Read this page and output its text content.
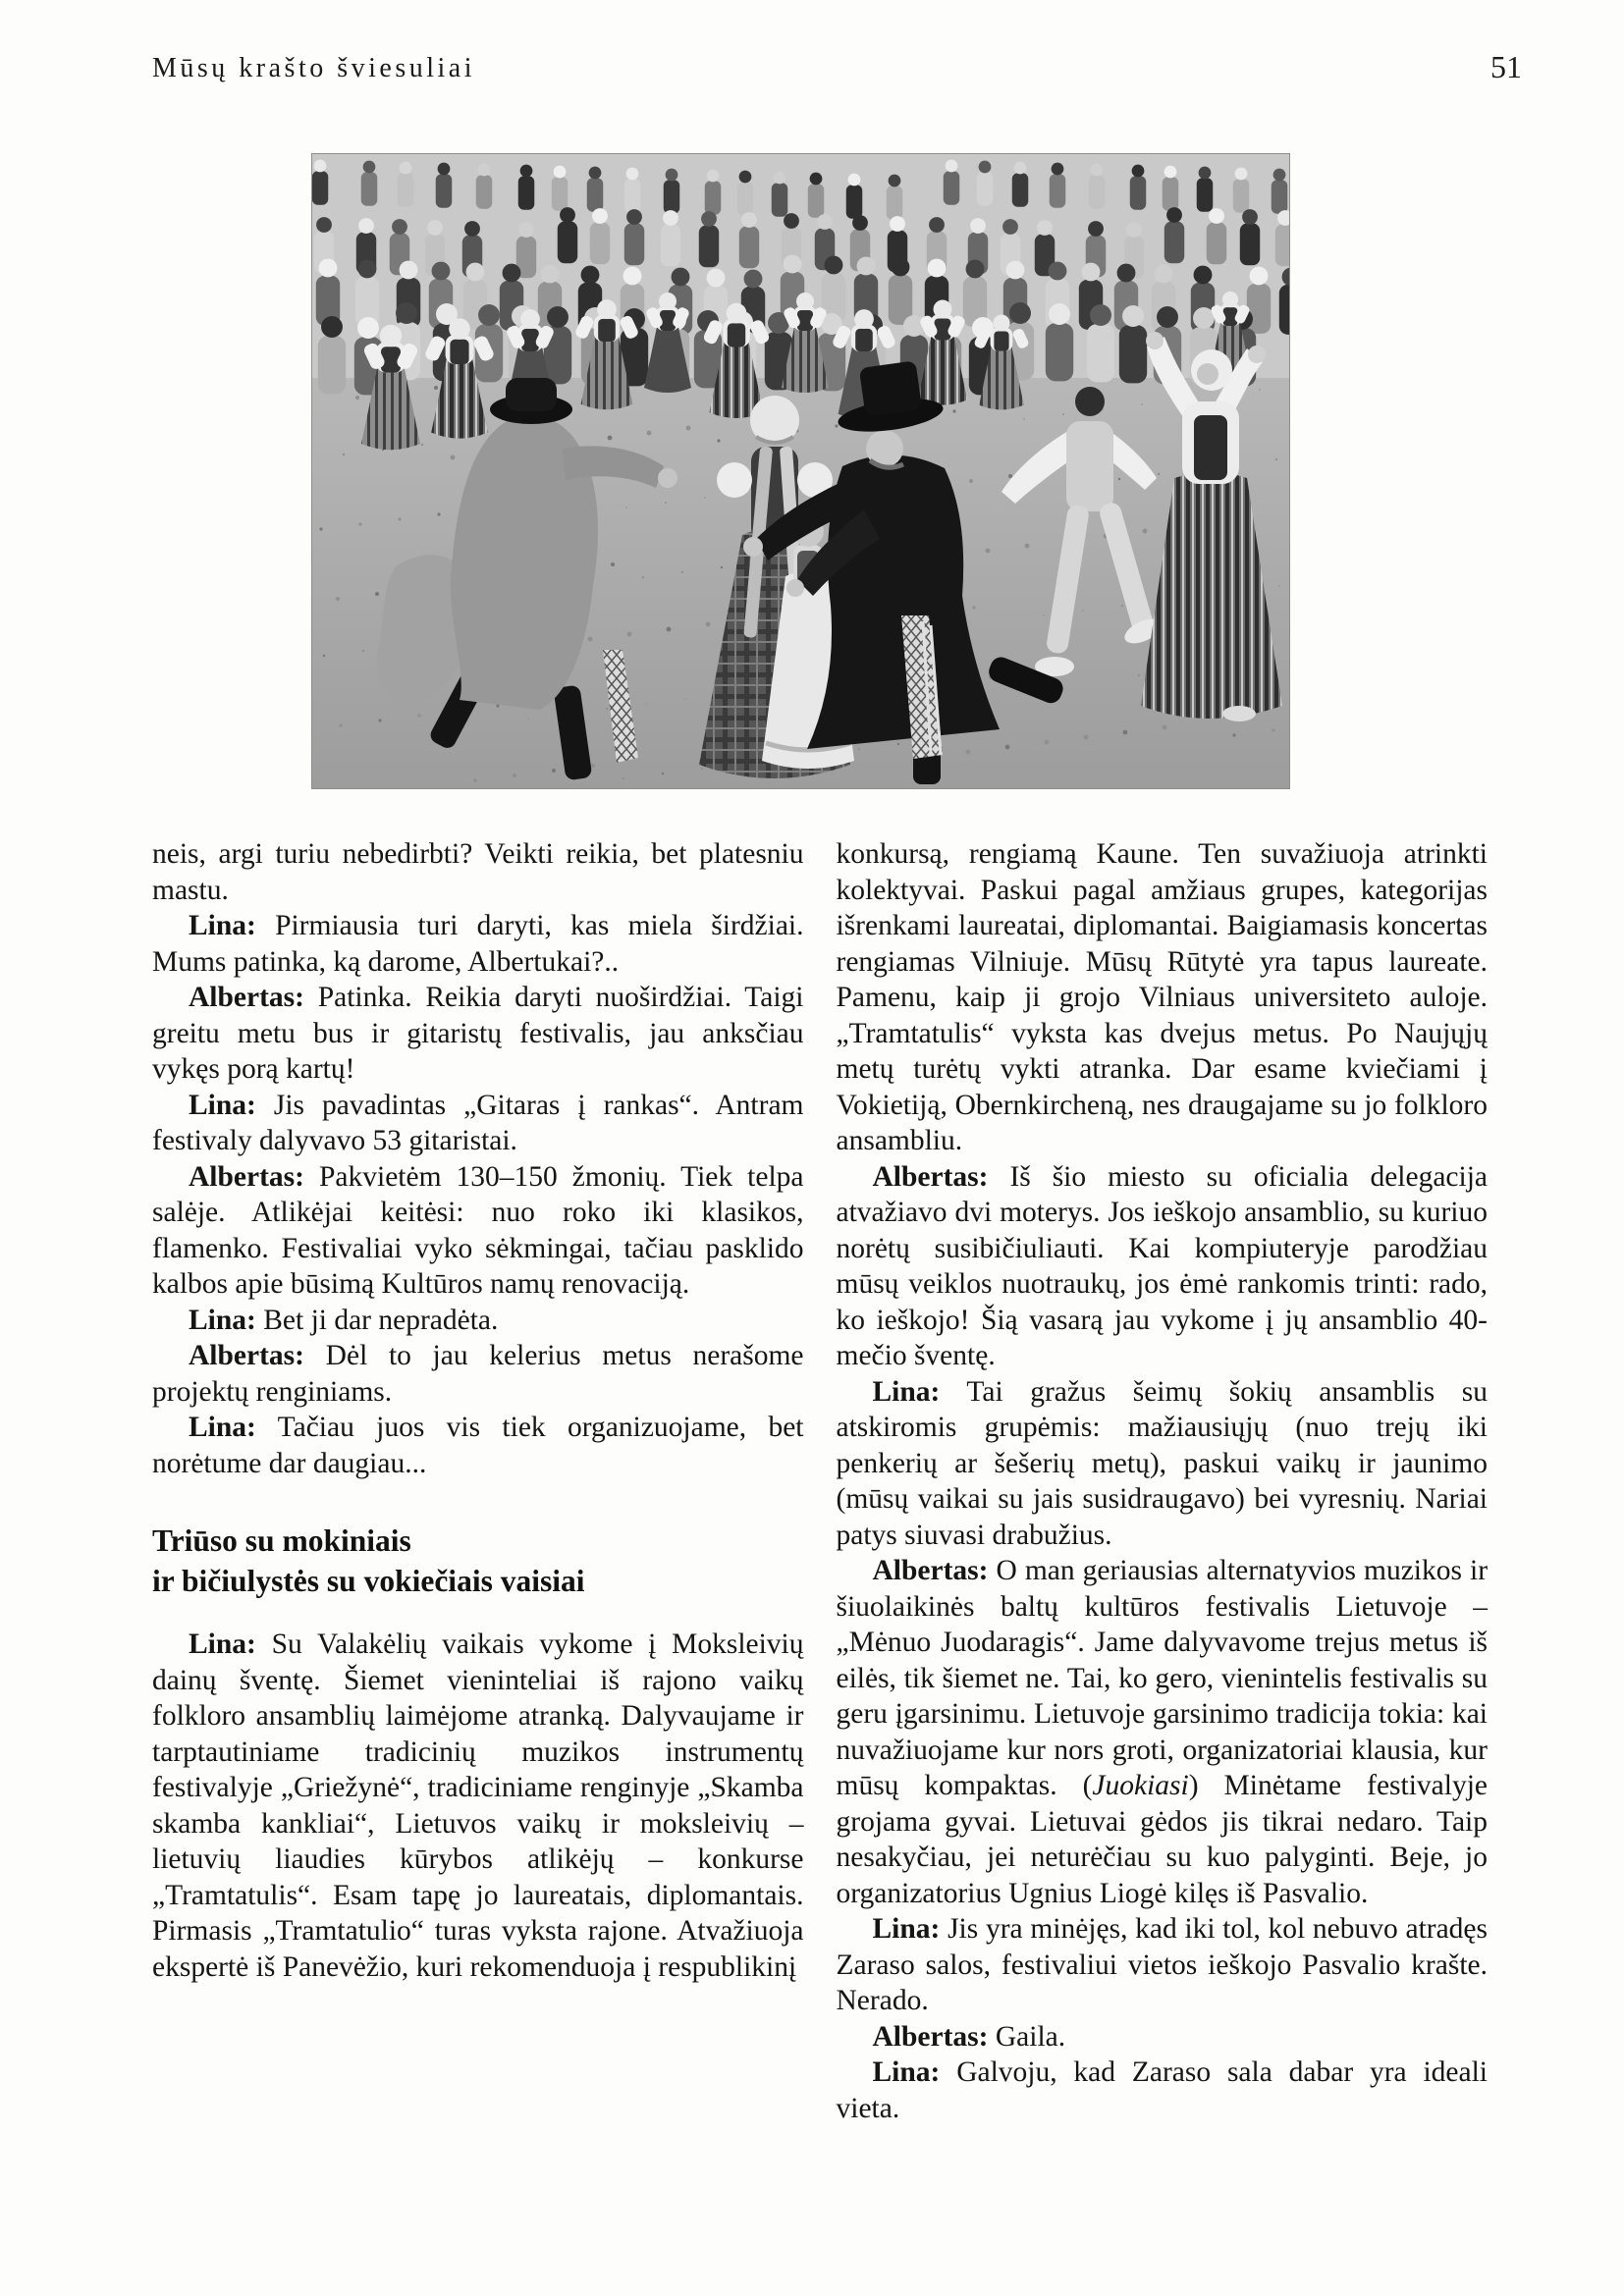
Mūsų krašto šviesuliai	51

neis, argi turiu nebedirbti? Veikti reikia, bet platesniu mastu.

Lina: Pirmiausia turi daryti, kas miela širdžiai. Mums patinka, ką darome, Albertukai?..

Albertas: Patinka. Reikia daryti nuoširdžiai. Taigi greitu metu bus ir gitaristų festivalis, jau anksčiau vykęs porą kartų!

Lina: Jis pavadintas „Gitaras į rankas“. Antram festivaly dalyvavo 53 gitaristai.

Albertas: Pakvietėm 130–150 žmonių. Tiek telpa salėje. Atlikėjai keitėsi: nuo roko iki klasikos, flamenko. Festivaliai vyko sėkmingai, tačiau pasklido kalbos apie būsimą Kultūros namų renovaciją.

Lina: Bet ji dar nepradėta.

Albertas: Dėl to jau kelerius metus nerašome projektų renginiams.

Lina: Tačiau juos vis tiek organizuojame, bet norėtume dar daugiau...

Triūso su mokiniais
ir bičiulystės su vokiečiais vaisiai

Lina: Su Valakėlių vaikais vykome į Moksleivių dainų šventę. Šiemet vieninteliai iš rajono vaikų folkloro ansamblių laimėjome atranką. Dalyvaujame ir tarptautiniame tradicinių muzikos instrumentų festivalyje „Griežynė“, tradiciniame renginyje „Skamba skamba kankliai“, Lietuvos vaikų ir moksleivių – lietuvių liaudies kūrybos atlikėjų – konkurse „Tramtatulis“. Esam tapę jo laureatais, diplomantais. Pirmasis „Tramtatulio“ turas vyksta rajone. Atvažiuoja ekspertė iš Panevėžio, kuri rekomenduoja į respublikinį

konkursą, rengiamą Kaune. Ten suvažiuoja atrinkti kolektyvai. Paskui pagal amžiaus grupes, kategorijas išrenkami laureatai, diplomantai. Baigiamasis koncertas rengiamas Vilniuje. Mūsų Rūtytė yra tapus laureate. Pamenu, kaip ji grojo Vilniaus universiteto auloje. „Tramtatulis“ vyksta kas dvejus metus. Po Naujųjų metų turėtų vykti atranka. Dar esame kviečiami į Vokietiją, Obernkircheną, nes draugajame su jo folkloro ansambliu.

Albertas: Iš šio miesto su oficialia delegacija atvažiavo dvi moterys. Jos ieškojo ansamblio, su kuriuo norėtų susibičiuliauti. Kai kompiuteryje parodžiau mūsų veiklos nuotraukų, jos ėmė rankomis trinti: rado, ko ieškojo! Šią vasarą jau vykome į jų ansamblio 40-mečio šventę.

Lina: Tai gražus šeimų šokių ansamblis su atskiromis grupėmis: mažiausiųjų (nuo trejų iki penkerių ar šešerių metų), paskui vaikų ir jaunimo (mūsų vaikai su jais susidraugavo) bei vyresnių. Nariai patys siuvasi drabužius.

Albertas: O man geriausias alternatyvios muzikos ir šiuolaikinės baltų kultūros festivalis Lietuvoje – „Mėnuo Juodaragis“. Jame dalyvavome trejus metus iš eilės, tik šiemet ne. Tai, ko gero, vienintelis festivalis su geru įgarsinimu. Lietuvoje garsinimo tradicija tokia: kai nuvažiuojame kur nors groti, organizatoriai klausia, kur mūsų kompaktas. (Juokiasi) Minėtame festivalyje grojama gyvai. Lietuvai gėdos jis tikrai nedaro. Taip nesakyčiau, jei neturėčiau su kuo palyginti. Beje, jo organizatorius Ugnius Liogė kilęs iš Pasvalio.

Lina: Jis yra minėjęs, kad iki tol, kol nebuvo atradęs Zaraso salos, festivaliui vietos ieškojo Pasvalio krašte. Nerado.

Albertas: Gaila.

Lina: Galvoju, kad Zaraso sala dabar yra ideali vieta.
